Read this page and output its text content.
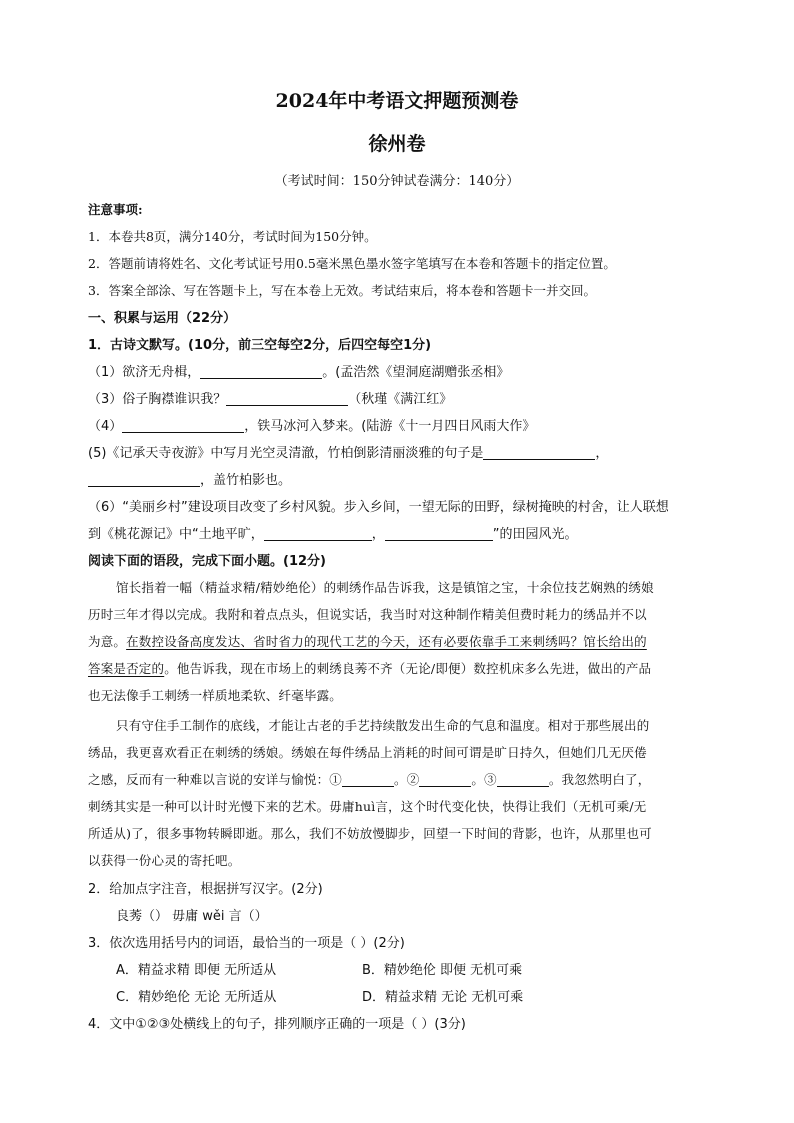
2024年中考语文押题预测卷
徐州卷
（考试时间：150分钟试卷满分：140分）
注意事项:
1．本卷共8页，满分140分，考试时间为150分钟。
2．答题前请将姓名、文化考试证号用0.5毫米黑色墨水签字笔填写在本卷和答题卡的指定位置。
3．答案全部涂、写在答题卡上，写在本卷上无效。考试结束后，将本卷和答题卡一并交回。
一、积累与运用（22分）
1．古诗文默写。(10分，前三空每空2分，后四空每空1分)
（1）欲济无舟楫，	。(孟浩然《望洞庭湖赠张丞相》
（3）俗子胸襟谁识我？	（秋瑾《满江红》
（4）	，铁马冰河入梦来。(陆游《十一月四日风雨大作》
(5)《记承天寺夜游》中写月光空灵清澈，竹柏倒影清丽淡雅的句子是	，
，盖竹柏影也。
（6）“美丽乡村”建设项目改变了乡村风貌。步入乡间，一望无际的田野，绿树掩映的村舍，让人联想
到《桃花源记》中“土地平旷，	，	”的田园风光。
阅读下面的语段，完成下面小题。(12分)
馆长指着一幅（精益求精/精妙绝伦）的刺绣作品告诉我，这是镇馆之宝，十余位技艺娴熟的绣娘
历时三年才得以完成。我附和着点点头，但说实话，我当时对这种制作精美但费时耗力的绣品并不以
为意。在数控设备高度发达、省时省力的现代工艺的今天，还有必要依靠手工来刺绣吗？馆长给出的
答案是否定的。他告诉我，现在市场上的刺绣良莠不齐（无论/即便）数控机床多么先进，做出的产品
也无法像手工刺绣一样质地柔软、纤毫毕露。
只有守住手工制作的底线，才能让古老的手艺持续散发出生命的气息和温度。相对于那些展出的
绣品，我更喜欢看正在刺绣的绣娘。绣娘在每件绣品上消耗的时间可谓是旷日持久，但她们几无厌倦
之感，反而有一种难以言说的安详与愉悦：①	。②	。③	。我忽然明白了，
刺绣其实是一种可以计时光慢下来的艺术。毋庸huì言，这个时代变化快，快得让我们（无机可乘/无
所适从)了，很多事物转瞬即逝。那么，我们不妨放慢脚步，回望一下时间的背影，也许，从那里也可
以获得一份心灵的寄托吧。
2．给加点字注音，根据拼写汉字。(2分)
良莠（） 毋庸 wěi 言（）
3．依次选用括号内的词语，最恰当的一项是（ ）(2分)
A．精益求精 即便 无所适从	B．精妙绝伦 即便 无机可乘
C．精妙绝伦 无论 无所适从	D．精益求精 无论 无机可乘
4．文中①②③处横线上的句子，排列顺序正确的一项是（ ）(3分)
